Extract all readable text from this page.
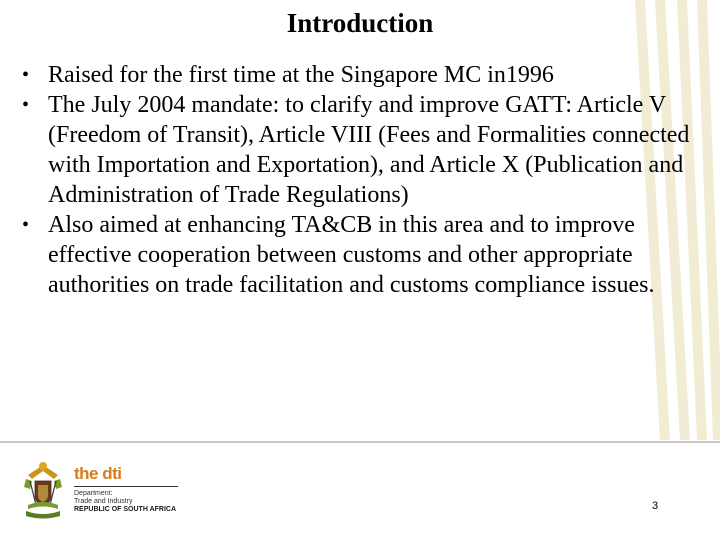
Introduction
• Raised for the first time at the Singapore MC in1996
• The July 2004 mandate: to clarify and improve GATT: Article V (Freedom of Transit), Article VIII (Fees and Formalities connected with Importation and Exportation), and Article X (Publication and Administration of Trade Regulations)
• Also aimed at enhancing TA&CB in this area and to improve effective cooperation between customs and other appropriate authorities on trade facilitation and customs compliance issues.
the dti
Department:
Trade and Industry
REPUBLIC OF SOUTH AFRICA	3
